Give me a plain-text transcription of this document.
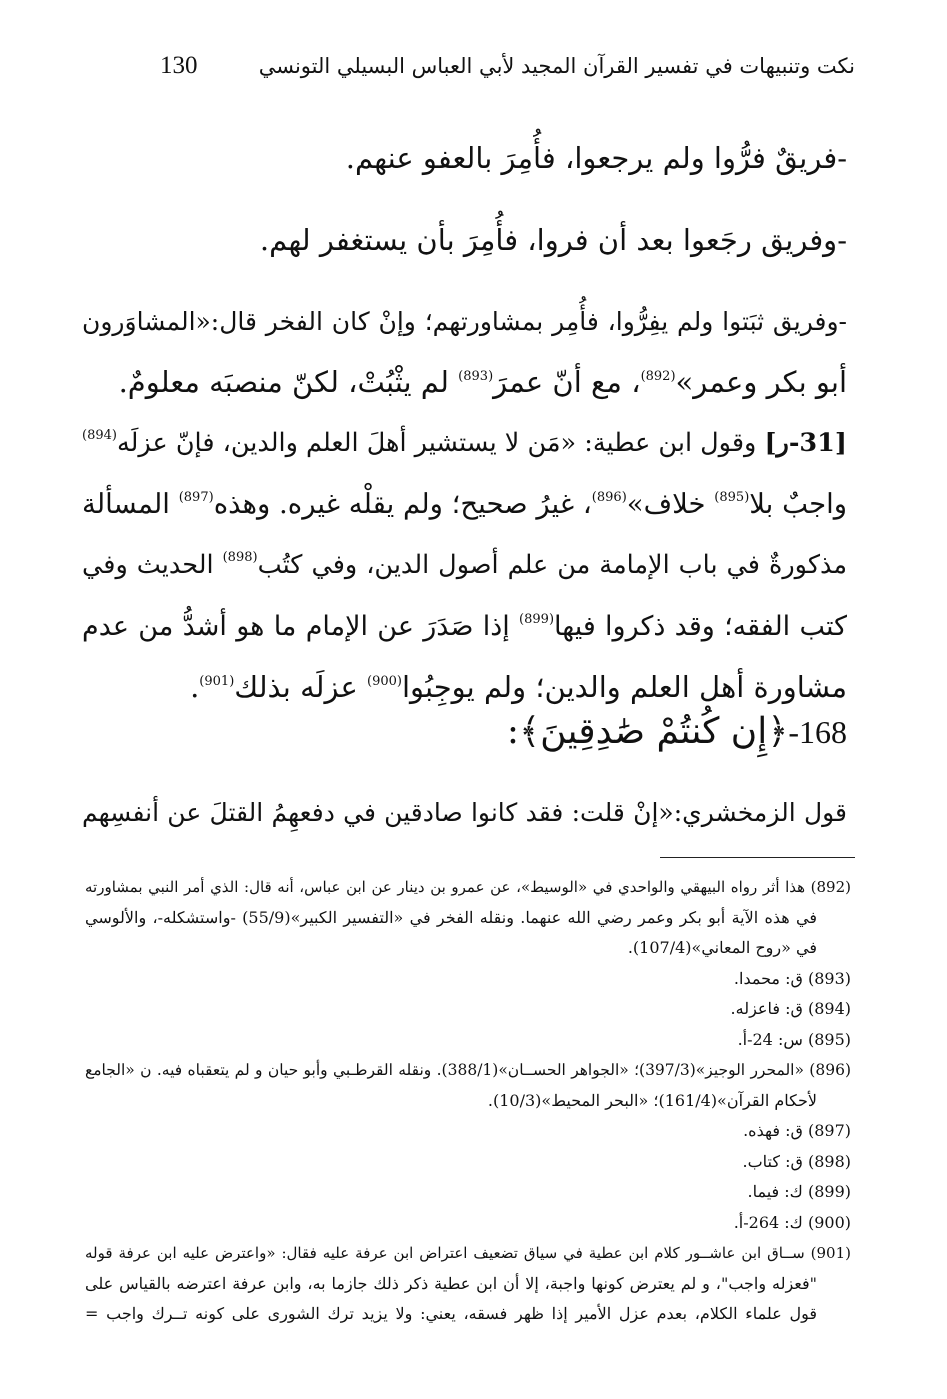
نكت وتنبيهات في تفسير القرآن المجيد لأبي العباس البسيلي التونسي
130
-فريقٌ فرُّوا ولم يرجعوا، فأُمِرَ بالعفو عنهم.
-وفريق رجَعوا بعد أن فروا، فأُمِرَ بأن يستغفر لهم.
-وفريق ثبَتوا ولم يفِرُّوا، فأُمِر بمشاورتهم؛ وإنْ كان الفخر قال:«المشاوَرون
أبو بكر وعمر»$^{(892)}$، مع أنّ عمرَ$^{(893)}$ لم يثْبُتْ، لكنّ منصبَه معلومٌ.
[31-ر] وقول ابن عطية: «مَن لا يستشير أهلَ العلم والدين، فإنّ عزلَه$^{(894)}$
واجبٌ بلا$^{(895)}$ خلاف»$^{(896)}$، غيرُ صحيح؛ ولم يقلْه غيره. وهذه$^{(897)}$ المسألة
مذكورةٌ في باب الإمامة من علم أصول الدين، وفي كتُب$^{(898)}$ الحديث وفي
كتب الفقه؛ وقد ذكروا فيها$^{(899)}$ إذا صَدَرَ عن الإمام ما هو أشدُّ من عدم
مشاورة أهل العلم والدين؛ ولم يوجِبُوا$^{(900)}$ عزلَه بذلك$^{(901)}$.
168-﴿إِن كُنتُمْ صَٰدِقِينَ﴾:
قول الزمخشري:«إنْ قلت: فقد كانوا صادقين في دفعهِمُ القتلَ عن أنفسِهم
(892) هذا أثر رواه البيهقي والواحدي في «الوسيط»، عن عمرو بن دينار عن ابن عباس، أنه قال: الذي أمر النبي بمشاورته
في هذه الآية أبو بكر وعمر رضي الله عنهما. ونقله الفخر في «التفسير الكبير»(55/9) -واستشكله-، والألوسي
في «روح المعاني»(107/4).
(893) ق: محمدا.
(894) ق: فاعزله.
(895) س: 24-أ.
(896) «المحرر الوجيز»(397/3)؛ «الجواهر الحســان»(388/1). ونقله القرطـبي وأبو حيان و لم يتعقباه فيه. ن «الجامع
لأحكام القرآن»(161/4)؛ «البحر المحيط»(10/3).
(897) ق: فهذه.
(898) ق: كتاب.
(899) ك: فيما.
(900) ك: 264-أ.
(901) ســاق ابن عاشــور كلام ابن عطية في سياق تضعيف اعتراض ابن عرفة عليه فقال: «واعترض عليه ابن عرفة قوله
"فعزله واجب"، و لم يعترض كونها واجبة، إلا أن ابن عطية ذكر ذلك جازما به، وابن عرفة اعترضه بالقياس على
قول علماء الكلام، بعدم عزل الأمير إذا ظهر فسقه، يعني: ولا يزيد ترك الشورى على كونه تــرك واجب =
